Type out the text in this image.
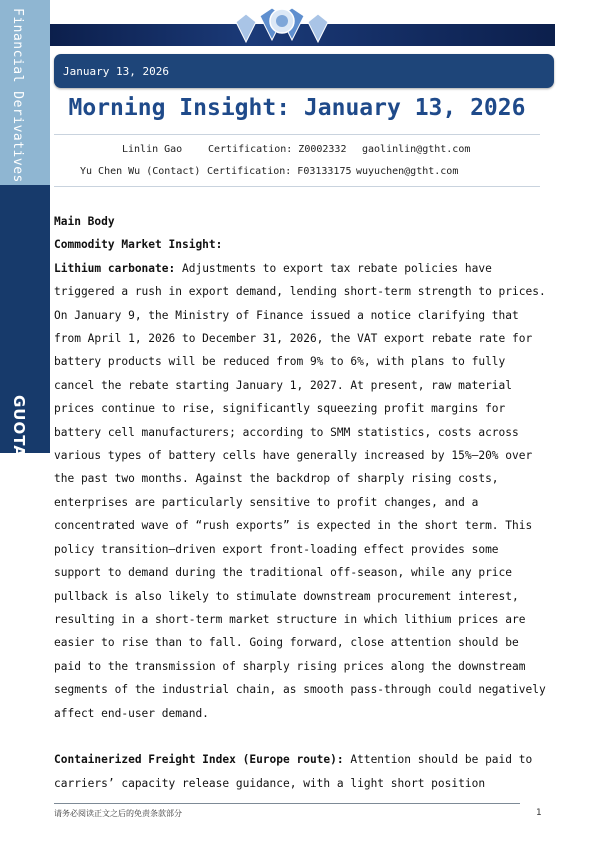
Financial Derivatives
GUOTAI JUNAN FUTURES
January 13, 2026
Morning Insight: January 13, 2026
Linlin Gao	Certification: Z0002332 gaolinlin@gtht.com
Yu Chen Wu (Contact) Certification: F03133175 wuyuchen@gtht.com

Main Body

Commodity Market Insight:

Lithium carbonate: Adjustments to export tax rebate policies have

triggered a rush in export demand, lending short-term strength to prices.

On January 9, the Ministry of Finance issued a notice clarifying that

from April 1, 2026 to December 31, 2026, the VAT export rebate rate for

battery products will be reduced from 9% to 6%, with plans to fully

cancel the rebate starting January 1, 2027. At present, raw material

prices continue to rise, significantly squeezing profit margins for

battery cell manufacturers; according to SMM statistics, costs across

various types of battery cells have generally increased by 15%–20% over

the past two months. Against the backdrop of sharply rising costs,

enterprises are particularly sensitive to profit changes, and a

concentrated wave of “rush exports” is expected in the short term. This

policy transition–driven export front-loading effect provides some

support to demand during the traditional off-season, while any price

pullback is also likely to stimulate downstream procurement interest,

resulting in a short-term market structure in which lithium prices are

easier to rise than to fall. Going forward, close attention should be

paid to the transmission of sharply rising prices along the downstream

segments of the industrial chain, as smooth pass-through could negatively

affect end-user demand.

Containerized Freight Index (Europe route): Attention should be paid to

carriers’ capacity release guidance, with a light short position

请务必阅读正文之后的免责条款部分	1
